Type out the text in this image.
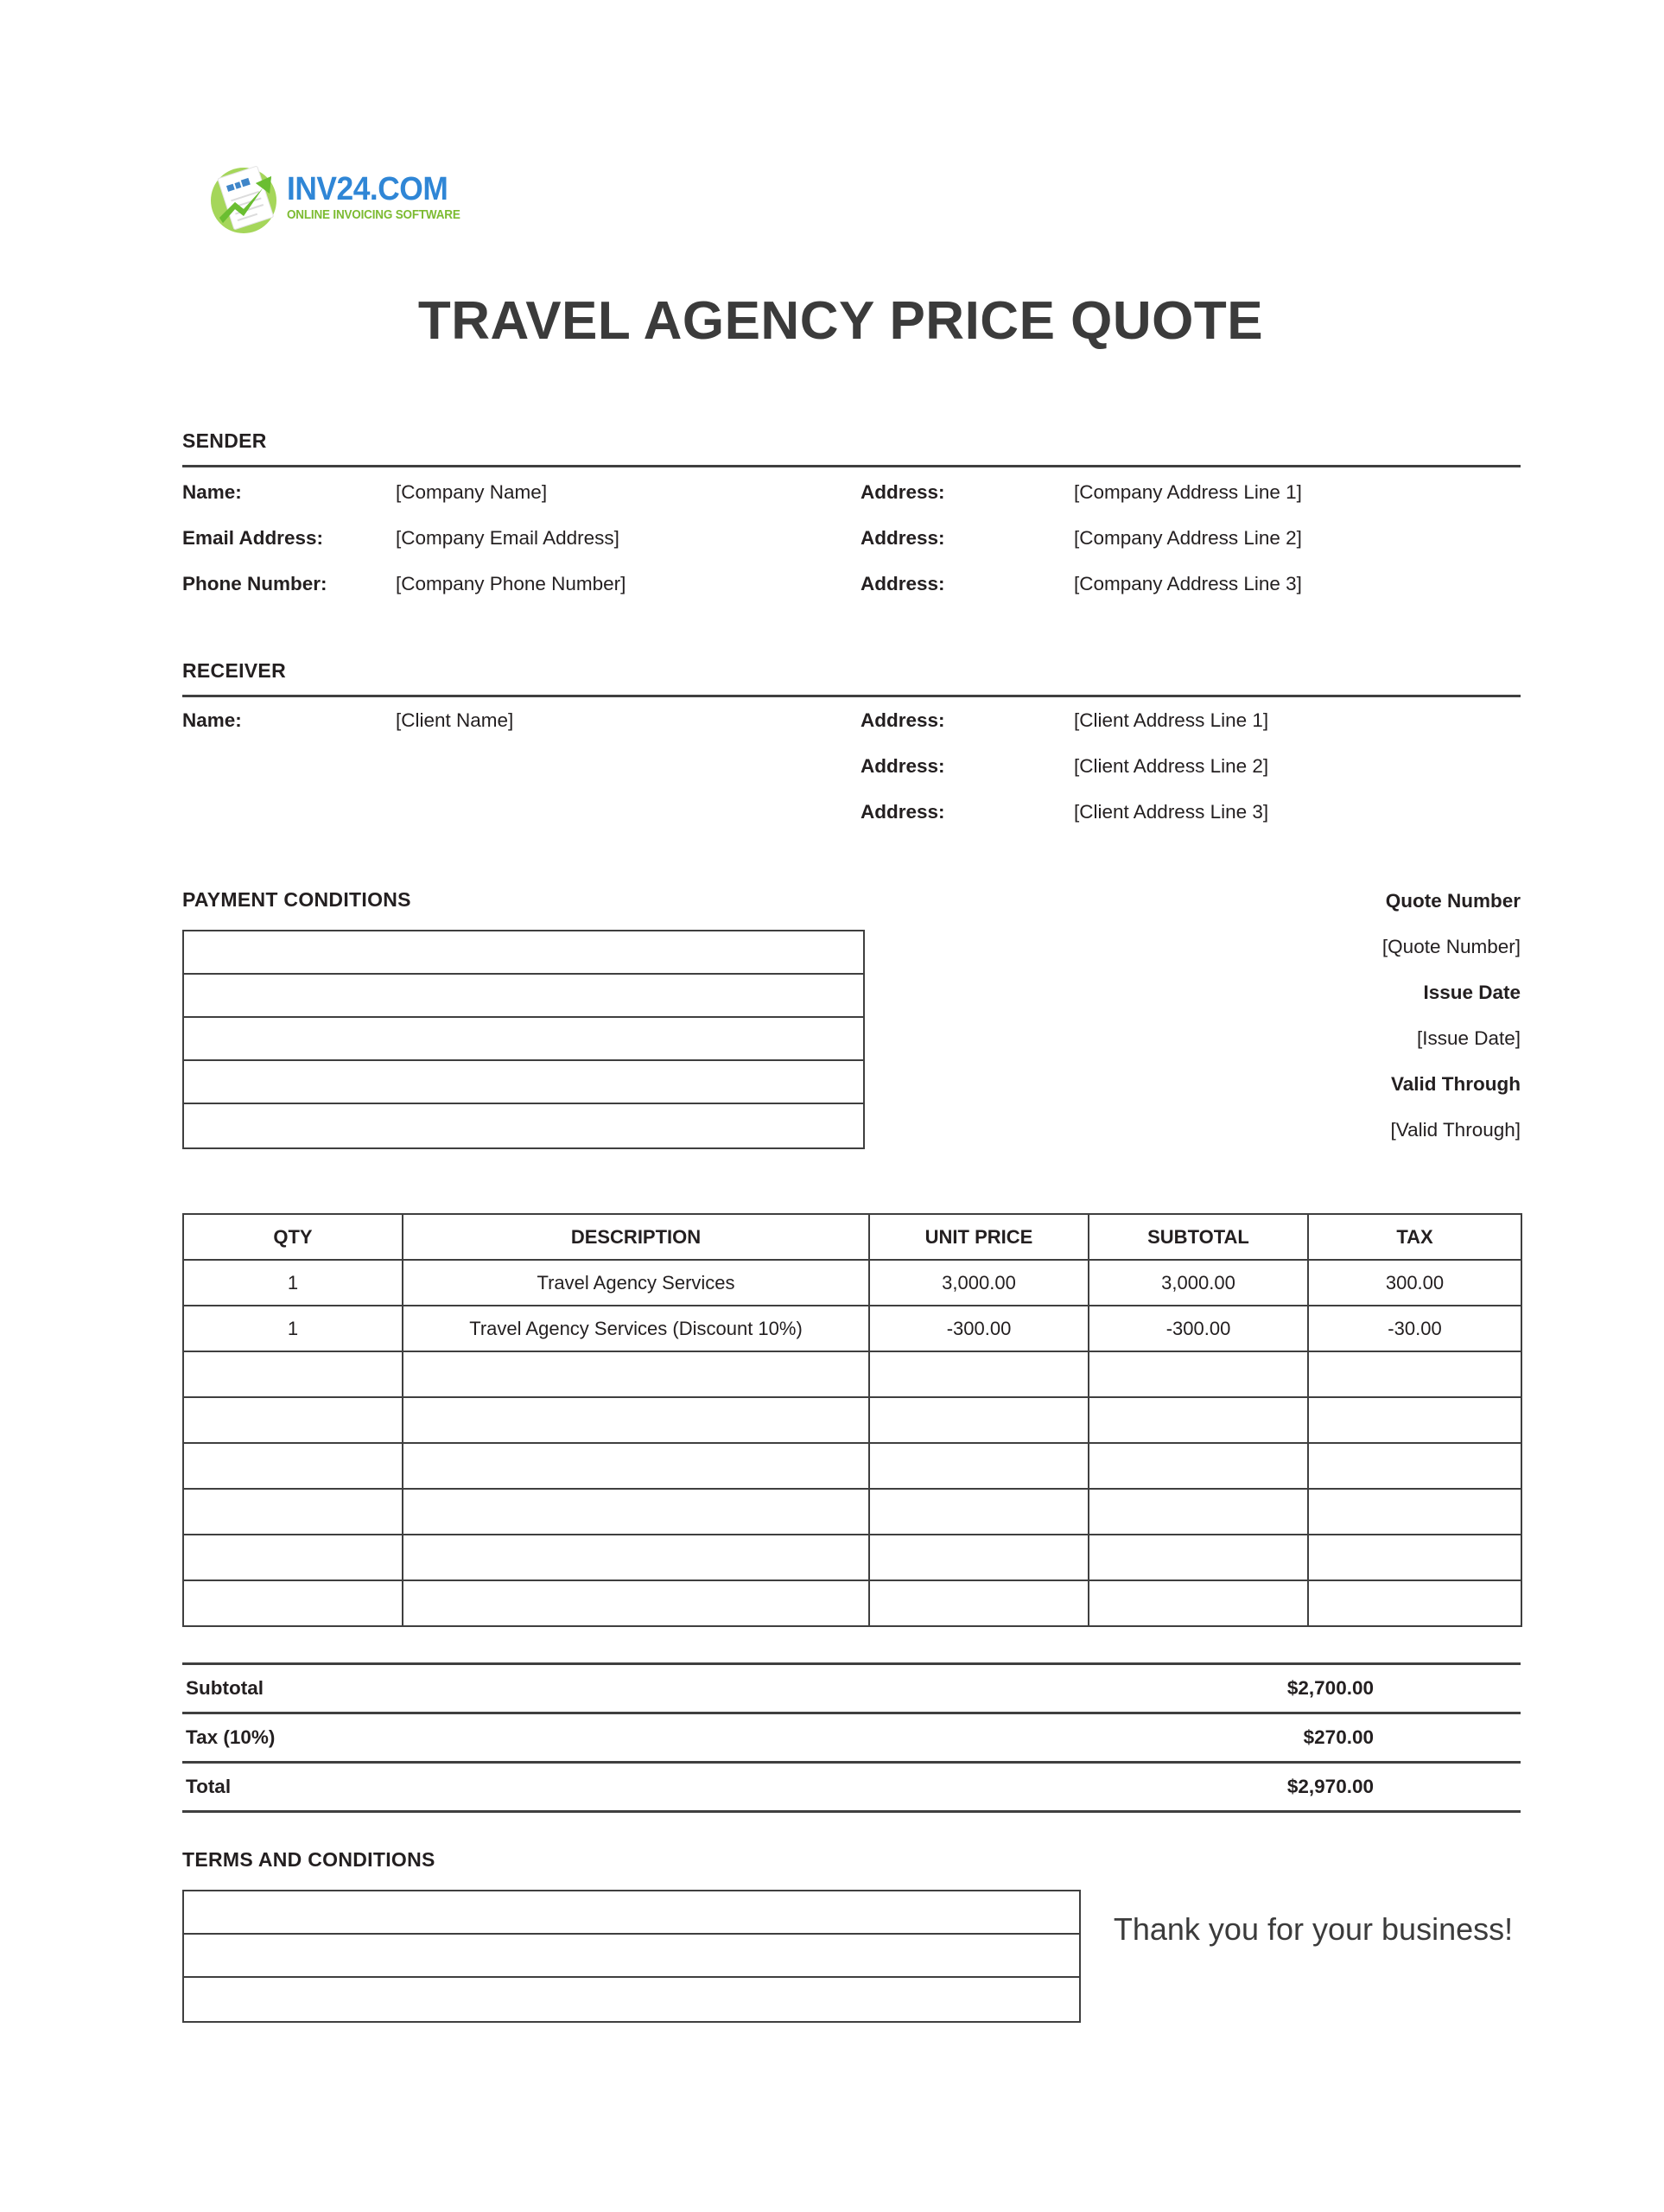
INV24.COM
ONLINE INVOICING SOFTWARE
TRAVEL AGENCY PRICE QUOTE
SENDER
Name:	[Company Name]
Email Address:	[Company Email Address]
Phone Number:	[Company Phone Number]
Address:	[Company Address Line 1]
Address:	[Company Address Line 2]
Address:	[Company Address Line 3]
RECEIVER
Name:	[Client Name]	Address:	[Client Address Line 1]
Address:	[Client Address Line 2]
Address:	[Client Address Line 3]
PAYMENT CONDITIONS	Quote Number
[Quote Number]
Issue Date
[Issue Date]
Valid Through
[Valid Through]
QTY	DESCRIPTION	UNIT PRICE	SUBTOTAL	TAX
1	Travel Agency Services	3,000.00	3,000.00	300.00
1	Travel Agency Services (Discount 10%)	-300.00	-300.00	-30.00

Subtotal	$2,700.00
Tax (10%)	$270.00
Total	$2,970.00
TERMS AND CONDITIONS
Thank you for your business!
